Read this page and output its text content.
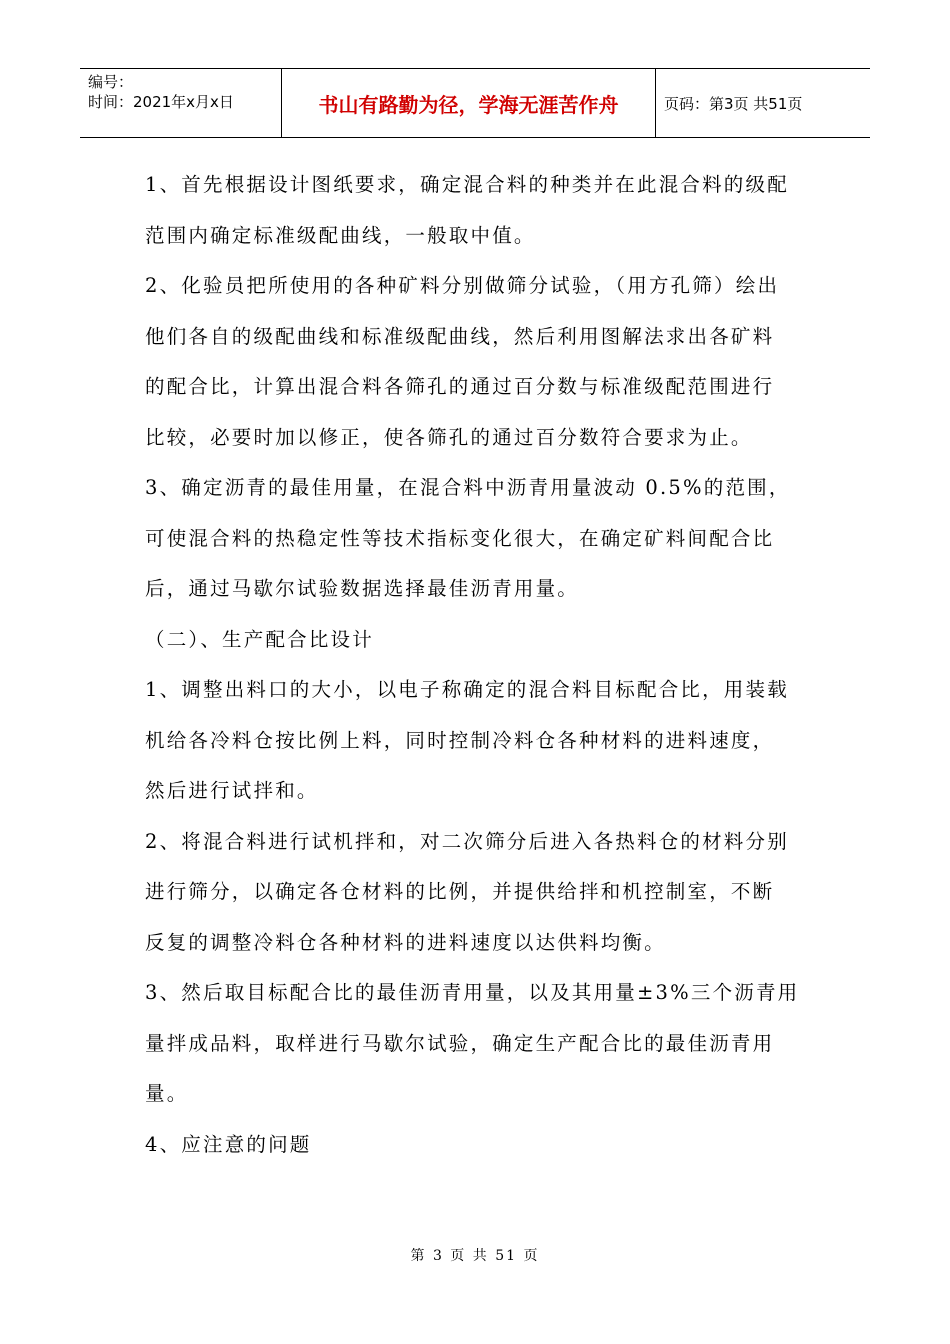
编号：
时间：2021年x月x日	书山有路勤为径，学海无涯苦作舟	页码：第3页 共51页

1、首先根据设计图纸要求，确定混合料的种类并在此混合料的级配

范围内确定标准级配曲线，一般取中值。

2、化验员把所使用的各种矿料分别做筛分试验，（用方孔筛）绘出

他们各自的级配曲线和标准级配曲线，然后利用图解法求出各矿料

的配合比，计算出混合料各筛孔的通过百分数与标准级配范围进行

比较，必要时加以修正，使各筛孔的通过百分数符合要求为止。

3、确定沥青的最佳用量，在混合料中沥青用量波动 0.5%的范围，

可使混合料的热稳定性等技术指标变化很大，在确定矿料间配合比

后，通过马歇尔试验数据选择最佳沥青用量。

（二）、生产配合比设计

1、调整出料口的大小，以电子称确定的混合料目标配合比，用装载

机给各冷料仓按比例上料，同时控制冷料仓各种材料的进料速度，

然后进行试拌和。

2、将混合料进行试机拌和，对二次筛分后进入各热料仓的材料分别

进行筛分，以确定各仓材料的比例，并提供给拌和机控制室，不断

反复的调整冷料仓各种材料的进料速度以达供料均衡。

3、然后取目标配合比的最佳沥青用量，以及其用量±3%三个沥青用

量拌成品料，取样进行马歇尔试验，确定生产配合比的最佳沥青用

量。

4、应注意的问题

第 3 页 共 51 页
